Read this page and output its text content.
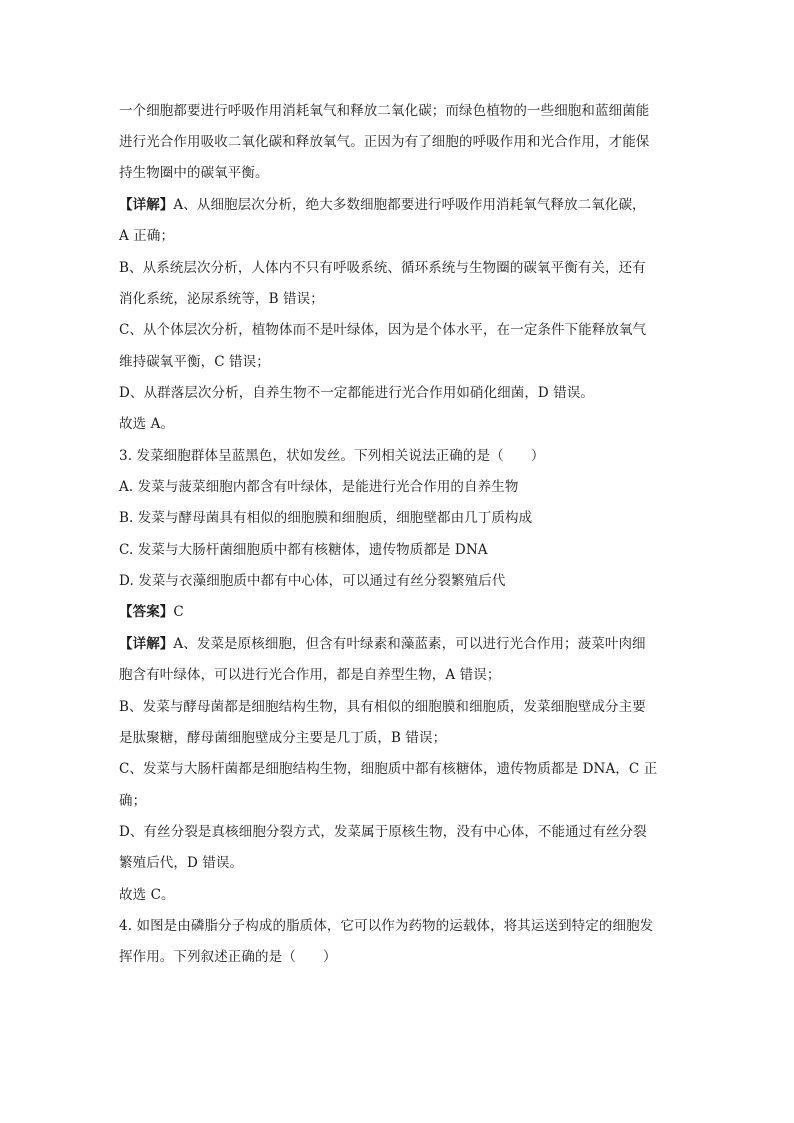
一个细胞都要进行呼吸作用消耗氧气和释放二氧化碳；而绿色植物的一些细胞和蓝细菌能
进行光合作用吸收二氧化碳和释放氧气。正因为有了细胞的呼吸作用和光合作用，才能保
持生物圈中的碳氧平衡。
【详解】A、从细胞层次分析，绝大多数细胞都要进行呼吸作用消耗氧气释放二氧化碳，
A 正确；
B、从系统层次分析，人体内不只有呼吸系统、循环系统与生物圈的碳氧平衡有关，还有
消化系统，泌尿系统等，B 错误；
C、从个体层次分析，植物体而不是叶绿体，因为是个体水平，在一定条件下能释放氧气
维持碳氧平衡，C 错误；
D、从群落层次分析，自养生物不一定都能进行光合作用如硝化细菌，D 错误。
故选 A。
3. 发菜细胞群体呈蓝黑色，状如发丝。下列相关说法正确的是（　　）
A. 发菜与菠菜细胞内都含有叶绿体，是能进行光合作用的自养生物
B. 发菜与酵母菌具有相似的细胞膜和细胞质，细胞壁都由几丁质构成
C. 发菜与大肠杆菌细胞质中都有核糖体，遗传物质都是 DNA
D. 发菜与衣藻细胞质中都有中心体，可以通过有丝分裂繁殖后代
【答案】C
【详解】A、发菜是原核细胞，但含有叶绿素和藻蓝素，可以进行光合作用；菠菜叶肉细
胞含有叶绿体，可以进行光合作用，都是自养型生物，A 错误；
B、发菜与酵母菌都是细胞结构生物，具有相似的细胞膜和细胞质，发菜细胞壁成分主要
是肽聚糖，酵母菌细胞壁成分主要是几丁质，B 错误；
C、发菜与大肠杆菌都是细胞结构生物，细胞质中都有核糖体，遗传物质都是 DNA，C 正
确；
D、有丝分裂是真核细胞分裂方式，发菜属于原核生物，没有中心体，不能通过有丝分裂
繁殖后代，D 错误。
故选 C。
4. 如图是由磷脂分子构成的脂质体，它可以作为药物的运载体，将其运送到特定的细胞发
挥作用。下列叙述正确的是（　　）
